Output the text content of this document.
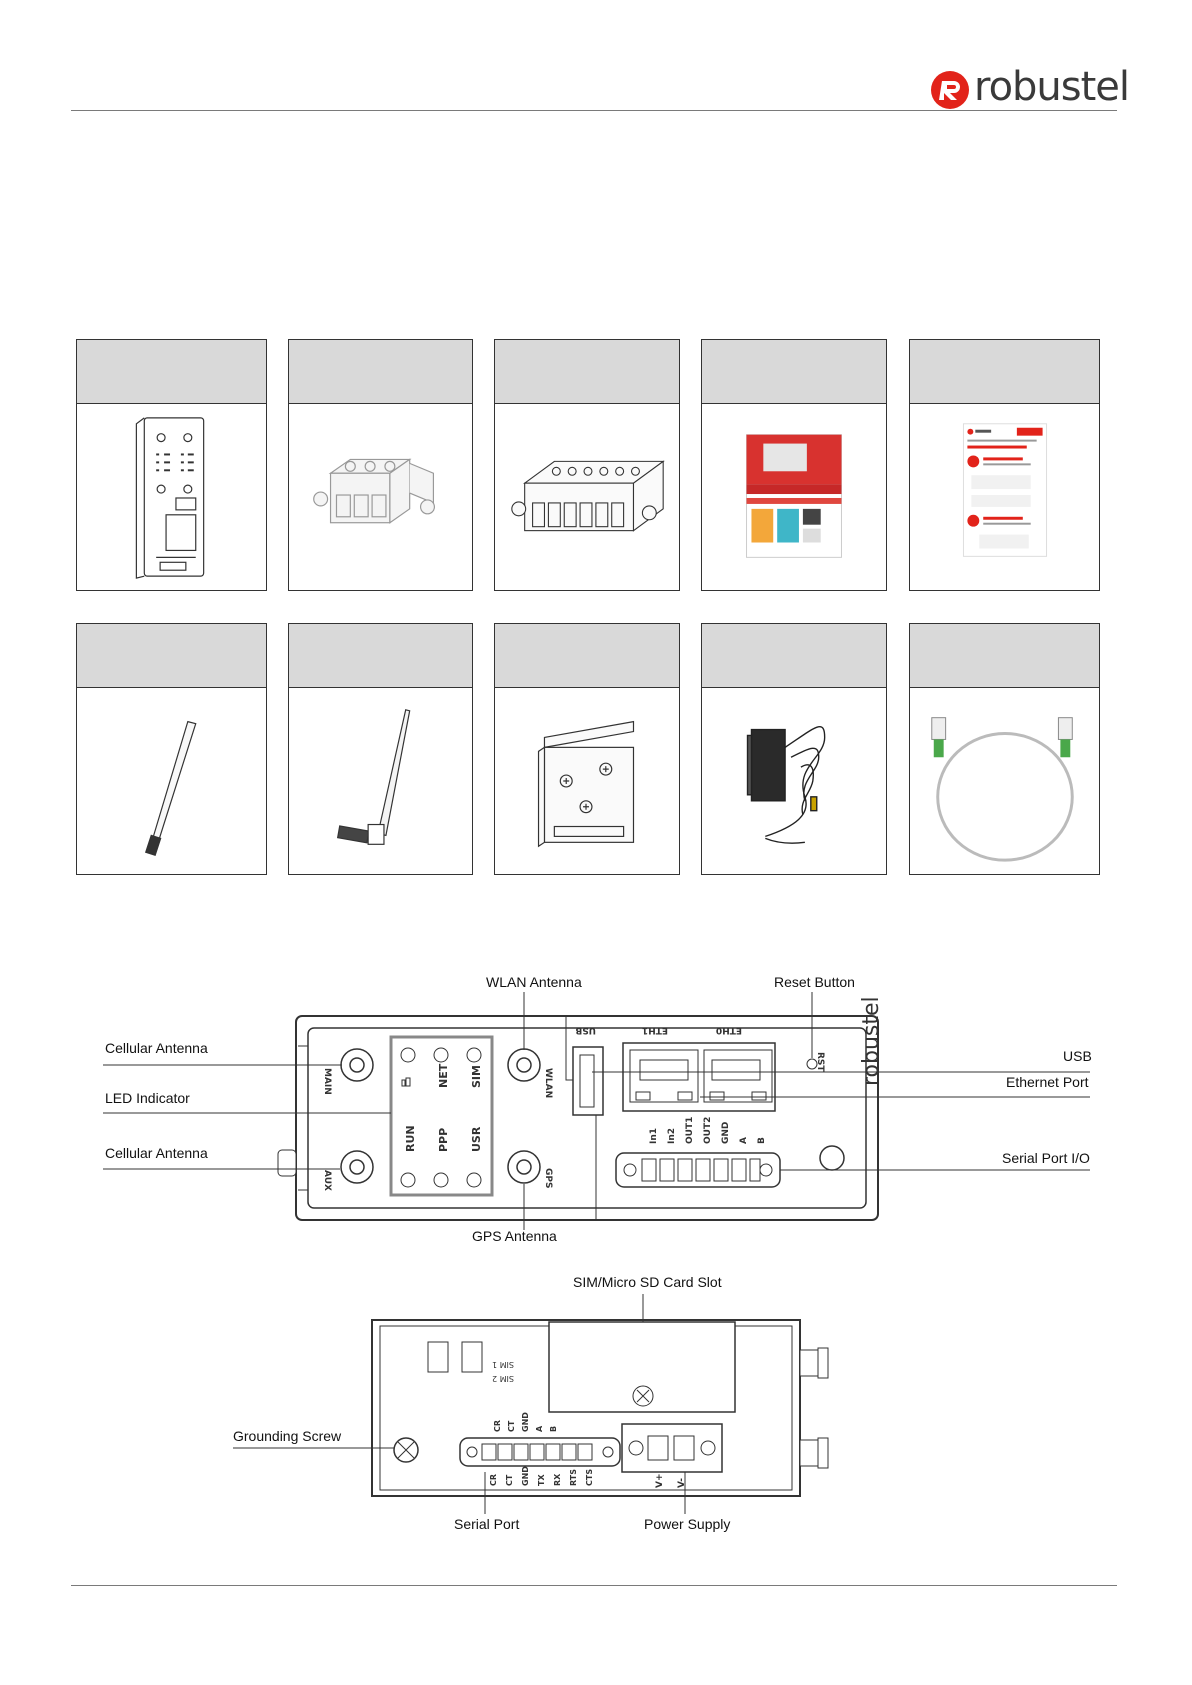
robustel
MAIN
AUX
WLAN
GPS
USB	ETH1	ETH0
RST
RUN PPP USR
NET SIM
In1 In2 OUT1 OUT2 GND A B
robustel
Cellular Antenna
LED Indicator
Cellular Antenna
WLAN Antenna	Reset Button
USB
Ethernet Port
Serial Port I/O
GPS Antenna
SIM 1
SIM 2
CR CT GND A B
CR CT GND TX RX RTS CTS	V+ V-
SIM/Micro SD Card Slot
Grounding Screw
Serial Port	Power Supply
